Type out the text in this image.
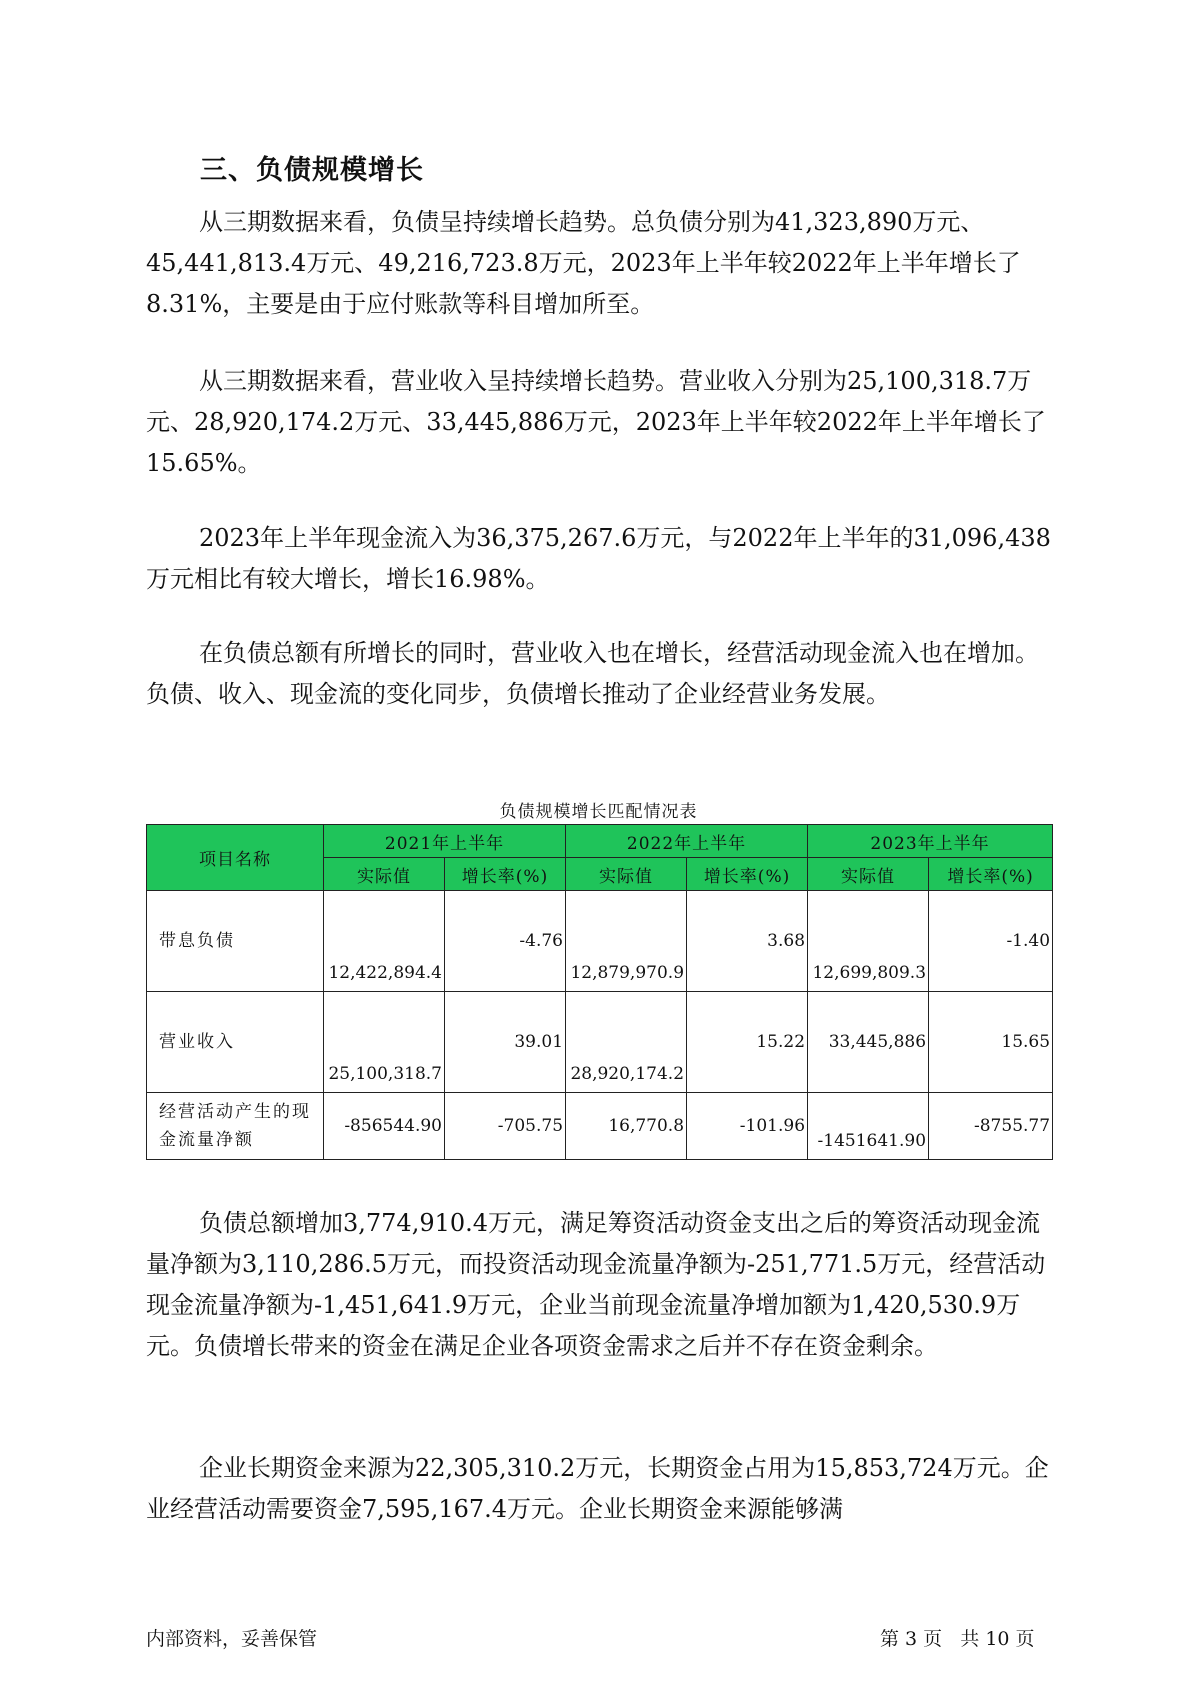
三、负债规模增长

从三期数据来看，负债呈持续增长趋势。总负债分别为41,323,890万元、45,441,813.4万元、49,216,723.8万元，2023年上半年较2022年上半年增长了8.31%，主要是由于应付账款等科目增加所至。

从三期数据来看，营业收入呈持续增长趋势。营业收入分别为25,100,318.7万元、28,920,174.2万元、33,445,886万元，2023年上半年较2022年上半年增长了15.65%。

2023年上半年现金流入为36,375,267.6万元，与2022年上半年的31,096,438万元相比有较大增长，增长16.98%。

在负债总额有所增长的同时，营业收入也在增长，经营活动现金流入也在增加。负债、收入、现金流的变化同步，负债增长推动了企业经营业务发展。

负债规模增长匹配情况表
项目名称	2021年上半年		2022年上半年		2023年上半年	
	实际值	增长率(%)	实际值	增长率(%)	实际值	增长率(%)
带息负债	12,422,894.4	-4.76	12,879,970.9	3.68	12,699,809.3	-1.40
营业收入	25,100,318.7	39.01	28,920,174.2	15.22	33,445,886	15.65
经营活动产生的现金流量净额	-856544.90	-705.75	16,770.8	-101.96	-1451641.90	-8755.77

负债总额增加3,774,910.4万元，满足筹资活动资金支出之后的筹资活动现金流量净额为3,110,286.5万元，而投资活动现金流量净额为-251,771.5万元，经营活动现金流量净额为-1,451,641.9万元，企业当前现金流量净增加额为1,420,530.9万元。负债增长带来的资金在满足企业各项资金需求之后并不存在资金剩余。

企业长期资金来源为22,305,310.2万元，长期资金占用为15,853,724万元。企业经营活动需要资金7,595,167.4万元。企业长期资金来源能够满

内部资料，妥善保管	第 3 页   共 10 页
